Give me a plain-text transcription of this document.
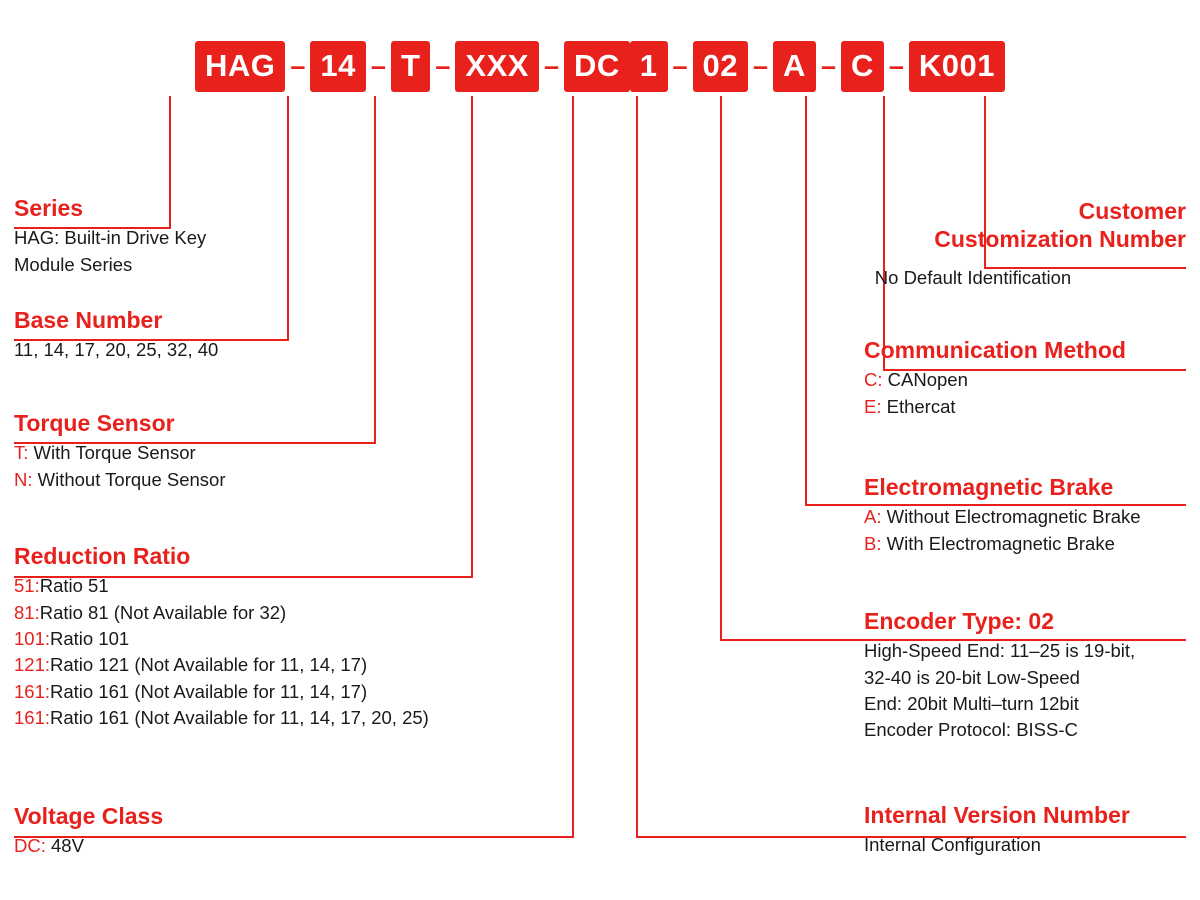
HAG – 14 – T – XXX – DC 1 – 02 – A – C – K001
Series

HAG: Built-in Drive Key

Module Series

Base Number

11, 14, 17, 20, 25, 32, 40

Torque Sensor

T: With Torque Sensor

N: Without Torque Sensor

Reduction Ratio

51:Ratio 51

81:Ratio 81 (Not Available for 32)

101:Ratio 101

121:Ratio 121 (Not Available for 11, 14, 17)

161:Ratio 161 (Not Available for 11, 14, 17)

161:Ratio 161 (Not Available for 11, 14, 17, 20, 25)

Voltage Class

DC: 48V

Customer
Customization Number

No Default Identification

Communication Method

C: CANopen

E: Ethercat

Electromagnetic Brake

A: Without Electromagnetic Brake

B: With Electromagnetic Brake

Encoder Type: 02

High-Speed End: 11–25 is 19-bit,

32-40 is 20-bit Low-Speed

End: 20bit Multi–turn 12bit

Encoder Protocol: BISS-C

Internal Version Number

Internal Configuration
